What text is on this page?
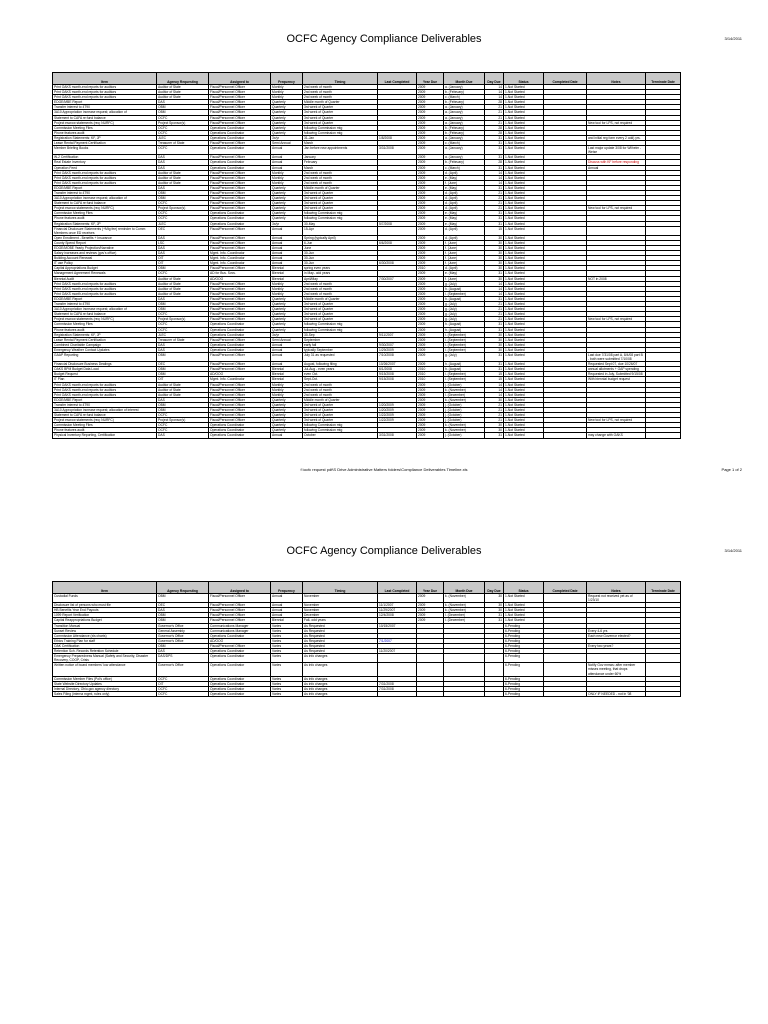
OCFC Agency Compliance Deliverables	3/14/2011
Item	Agency Requesting	Assigned to	Frequency	Timing	Last Completed	Year Due	Month Due	Day Due	Status	Completed Date	Notes	Terminate Date
Print OAKS month-end reports for auditors	Auditor of State	Fiscal/Personnel Officer	Monthly	2nd week of month		2009	a. (January)	14	1-Not Started			
Print OAKS month-end reports for auditors	Auditor of State	Fiscal/Personnel Officer	Monthly	2nd week of month		2009	b. (February)	14	1-Not Started			
Print OAKS month-end reports for auditors	Auditor of State	Fiscal/Personnel Officer	Monthly	2nd week of month		2009	c. (March)	14	1-Not Started			
EDGE/MBE Report	DAS	Fiscal/Personnel Officer	Quarterly	Middle month of Quarter		2009	b. (February)	28	1-Not Started			
Transfer interest to 4T90	OBM	Fiscal/Personnel Officer	Quarterly	3rd week of Quarter		2009	a. (January)	21	1-Not Started			
3A10 Appropriation increase request; allocation of	OBM	Fiscal/Personnel Officer	Quarterly	3rd week of Quarter		2009	a. (January)	21	1-Not Started			
Statement to CAFA re:fund balance	OCFC	Fiscal/Personnel Officer	Quarterly	3rd week of Quarter		2009	a. (January)	21	1-Not Started			
Project escrow statements (req: NURFC)	Project Sponsor(s)	Fiscal/Personnel Officer	Quarterly	3rd week of Quarter		2009	a. (January)	21	1-Not Started		New tool for LPS, not required	
Commission Meeting Files	OCFC	Operations Coordinator	Quarterly	following Commission mtg		2009	b. (February)	28	1-Not Started			
Phone features audit	OCFC	Operations Coordinator	Quarterly	following Commission mtg		2009	b. (February)	28	1-Not Started			
Registration Statements: KF, JP	JLEC	Operations Coordinator	3x/yr	31-Jan	1/8/2008	2009	a. (January)	31	1-Not Started		and initial reg form every 2 odd) yrs.	
Lease Rental Payment Certification	Treasurer of State	Fiscal/Personnel Officer	Semi Annual	March		2009	c. (March)	31	1-Not Started			
Member Briefing Books	OCFC	Operations Coordinator	Annual	Jan before new appointments	3/31/2008	2009	a. (January)	31	1-Not Started		Last major update 3/08 for Wilhelm - Weise	
W-2 Certification	DAS	Fiscal/Personnel Officer	Annual	January		2009	a. (January)	31	1-Not Started			
Real Estate Inventory	DAS	Operations Coordinator	Annual	February		2009	b. (February)	28	1-Not Started		Discuss with KF before responding	
Operation Feed	DAS	Operations Coordinator	Annual	March		2009	c. (March)	31	1-Not Started		Annual	
Print OAKS month-end reports for auditors	Auditor of State	Fiscal/Personnel Officer	Monthly	2nd week of month		2009	d. (April)	14	1-Not Started			
Print OAKS month-end reports for auditors	Auditor of State	Fiscal/Personnel Officer	Monthly	2nd week of month		2009	e. (May)	14	1-Not Started			
Print OAKS month-end reports for auditors	Auditor of State	Fiscal/Personnel Officer	Monthly	2nd week of month		2009	f. (June)	14	1-Not Started			
EDGE/MBE Report	DAS	Fiscal/Personnel Officer	Quarterly	Middle month of Quarter		2009	e. (May)	31	1-Not Started			
Transfer interest to 4T90	OBM	Fiscal/Personnel Officer	Quarterly	3rd week of Quarter		2009	d. (April)	21	1-Not Started			
3A10 Appropriation increase request; allocation of	OBM	Fiscal/Personnel Officer	Quarterly	3rd week of Quarter		2009	d. (April)	21	1-Not Started			
Statement to CAFA re:fund balance	OCFC	Fiscal/Personnel Officer	Quarterly	3rd week of Quarter		2009	d. (April)	21	1-Not Started			
Project escrow statements (req: NURFC)	Project Sponsor(s)	Fiscal/Personnel Officer	Quarterly	3rd week of Quarter		2009	d. (April)	21	1-Not Started		New tool for LPS, not required	
Commission Meeting Files	OCFC	Operations Coordinator	Quarterly	following Commission mtg		2009	e. (May)	31	1-Not Started			
Phone features audit	OCFC	Operations Coordinator	Quarterly	following Commission mtg		2009	e. (May)	31	1-Not Started			
Registration Statements: KF, JP	JLEC	Operations Coordinator	3x/yr	30-May	5/7/2008	2009	e. (May)	31	1-Not Started			
Financial Disclosure Statements (+Mtg fee) reminder to Comm Members once ED receives	OEC	Fiscal/Personnel Officer	Annual	15-Apr		2009	d. (April)	15	1-Not Started			
Open Enrollment - Benefits + Insurance	DAS	Fiscal/Personnel Officer	Annual	Spring (typically April)		2009	d. (April)	30	1-Not Started			
County Spend Report	LSC	Fiscal/Personnel Officer	Annual	6-Jun	6/6/2008	2009	f. (June)	30	1-Not Started			
EDGE/MOBE Yearly Projection/Narrative	DAS	Fiscal/Personnel Officer	Annual	June		2009	f. (June)	30	1-Not Started			
Salary increases and reviews (gov's office)	DAS	Mgmt. Info. Coordinator	Annual	30-Jun		2009	f. (June)	30	1-Not Started			
Building Account Renewal	OIT	Mgmt. Info. Coordinator	Annual	30-Jun		2009	f. (June)	30	1-Not Started			
IT use Policy	OIT	Mgmt. Info. Coordinator	Annual	30-Jun	6/30/2008	2009	f. (June)	30	1-Not Started			
Capital Appropriations Budget	OBM	Fiscal/Personnel Officer	Biennial	spring even years		2010	d. (April)	30	1-Not Started			
Management Agreement Renewals	OCFC	AD for Bus. Svcs.	Biennial	in May- odd years		2009	e. (May)	31	1-Not Started			
Biennial Audit	Auditor of State	AD/OOO	Biennial	April/May	7/30/2007	2009	f. (June)	30	1-Not Started		NOT in 2008	
Print OAKS month-end reports for auditors	Auditor of State	Fiscal/Personnel Officer	Monthly	2nd week of month		2009	g. (July)	14	1-Not Started			
Print OAKS month-end reports for auditors	Auditor of State	Fiscal/Personnel Officer	Monthly	2nd week of month		2009	h. (August)	14	1-Not Started			
Print OAKS month-end reports for auditors	Auditor of State	Fiscal/Personnel Officer	Monthly	2nd week of month		2009	i. (September)	14	1-Not Started			
EDGE/MBE Report	DAS	Fiscal/Personnel Officer	Quarterly	Middle month of Quarter		2009	h. (August)	31	1-Not Started			
Transfer interest to 4T90	OBM	Fiscal/Personnel Officer	Quarterly	3rd week of Quarter		2009	g. (July)	21	1-Not Started			
3A10 Appropriation increase request; allocation of	OBM	Fiscal/Personnel Officer	Quarterly	3rd week of Quarter		2009	g. (July)	21	1-Not Started			
Statement to CAFA re:fund balance	OCFC	Fiscal/Personnel Officer	Quarterly	3rd week of Quarter		2009	g. (July)	21	1-Not Started			
Project escrow statements (req: NURFC)	Project Sponsor(s)	Fiscal/Personnel Officer	Quarterly	3rd week of Quarter		2009	g. (July)	21	1-Not Started		New tool for LPS, not required	
Commission Meeting Files	OCFC	Operations Coordinator	Quarterly	following Commission mtg		2009	h. (August)	31	1-Not Started			
Phone features audit	OCFC	Operations Coordinator	Quarterly	following Commission mtg		2009	h. (August)	31	1-Not Started			
Registration Statements: KF, JP	JLEC	Operations Coordinator	3x/yr	30-Sep	9/11/2007	2009	i. (September)	30	1-Not Started			
Lease Rental Payment Certification	Treasurer of State	Fiscal/Personnel Officer	Semi Annual	September		2009	i. (September)	30	1-Not Started			
Combined Charitable Campaign	DAS	Operations Coordinator	Annual	early fall	9/30/2007	2009	i. (September)	30	1-Not Started			
Emergency Weather Contact Updates	DAS	Operations Coordinator	Annual	typically September	1/29/2009	2009	i. (September)	30	1-Not Started			
GAAP Reporting	OBM	Fiscal/Personnel Officer	Annual	July 31 as requested	7/10/2008	2009	g. (July)	31	1-Not Started		Last due 7/31/08 part A, 8/4/08 part B - both were submitted 7/10/08	
Financial Disclosure Business Dealings	OEC	Fiscal/Personnel Officer	Annual	August, following filing	10/26/2007	2009	h. (August)	31	1-Not Started		Requested Sept 07, due 10/26/07	
OAKS BPM Budget Data Load	OBM	Fiscal/Personnel Officer	Biennial	Jul-Aug - even years	6/1/2008	2010	h. (August)	31	1-Not Started		annual allotments + GAP spending	
Budget Request	OBM	AD/OOO	Biennial	even Oct.	9/15/2008	2010	i. (September)	15	1-Not Started		Requested in July, Submitted 9/15/08	
IT Plan	OIT	Mgmt. Info. Coordinator	Biennial	Sept-Oct.	9/15/2008	2010	i. (September)	15	1-Not Started		With biennial budget request	
Print OAKS month-end reports for auditors	Auditor of State	Fiscal/Personnel Officer	Monthly	2nd week of month		2009	j. (October)	14	1-Not Started			
Print OAKS month-end reports for auditors	Auditor of State	Fiscal/Personnel Officer	Monthly	2nd week of month		2009	k. (November)	14	1-Not Started			
Print OAKS month-end reports for auditors	Auditor of State	Fiscal/Personnel Officer	Monthly	2nd week of month		2009	l. (December)	14	1-Not Started			
EDGE/MBE Report	DAS	Fiscal/Personnel Officer	Quarterly	Middle month of Quarter		2009	k. (November)	30	1-Not Started			
Transfer interest to 4T90	OBM	Fiscal/Personnel Officer	Quarterly	3rd week of Quarter	1/20/2009	2009	j. (October)	21	1-Not Started			
3A10 Appropriation increase request; allocation of interest	OBM	Fiscal/Personnel Officer	Quarterly	3rd week of Quarter	1/20/2009	2009	j. (October)	21	1-Not Started			
Statement to CAFA re:fund balance	OCFC	Fiscal/Personnel Officer	Quarterly	3rd week of Quarter	1/22/2009	2009	j. (October)	21	1-Not Started			
Project escrow statements (req: NURFC)	Project Sponsor(s)	Fiscal/Personnel Officer	Quarterly	3rd week of Quarter	1/22/2009	2009	j. (October)	21	1-Not Started		New tool for LPS, not required	
Commission Meeting Files	OCFC	Operations Coordinator	Quarterly	following Commission mtg		2009	k. (November)	30	1-Not Started			
Phone features audit	OCFC	Operations Coordinator	Quarterly	following Commission mtg		2009	k. (November)	30	1-Not Started			
Physical Inventory Reporting, Certification	DAS	Operations Coordinator	Annual	October	3/31/2008	2009	j. (October)	31	1-Not Started		may change with OAKS	
f:\ocfc request pdf\S Drive Administrative Matters folders\Compliance Deliverables Timeline.xls	Page 1 of 2
OCFC Agency Compliance Deliverables	3/14/2011
Item	Agency Requesting	Assigned to	Frequency	Timing	Last Completed	Year Due	Month Due	Day Due	Status	Completed Date	Notes	Terminate Date
Custodial Funds	OBM	Fiscal/Personnel Officer	Annual	November		2009	k. (November)	30	1-Not Started		Request not received yet as of 1/23/10	
Disclosure list of persons who must file	OEC	Fiscal/Personnel Officer	Annual	November	11/1/2007	2009	k. (November)	30	1-Not Started			
HB Benefits Year End Payouts	DAS	Fiscal/Personnel Officer	Annual	November	11/29/2007	2009	k. (November)	30	1-Not Started			
1099 Report Verification	OBM	Fiscal/Personnel Officer	Annual	December	12/4/2008	2009	l. (December)	31	1-Not Started			
Capital Reappropriations Budget	OBM	Fiscal/Personnel Officer	Biennial	Fall- odd years		2009	l. (December)	31	1-Not Started			
Transition Manual	Governor's Office	Communications Manager	Varies	As Requested	10/15/2007				6-Pending			
Sunset Review	General Assembly	Communications Manager	Varies	As Requested					6-Pending		Every 4-6 yrs	
Commission Attendance (xls charts)	Governor's Office	Operations Coordinator	Varies	As Requested					6-Pending		Each new Governor elected?	
Ethics Training Plan for staff	Governor's Office	AD/OOO	Varies	As Requested	7/1/2007				6-Pending			
OAK Certification	OBM	Fiscal/Personnel Officer	Varies	As Requested					6-Pending		Every two years?	
Retention Sch. Records Retention Schedule	DAS	Operations Coordinator	Varies	As Requested	11/20/2007				6-Pending			
Emergency Preparedness Manual (Safety and Security, Disaster Recovery, COOP, Crisis	DAS/DPS	Operations Coordinator	Varies	As info changes					6-Pending			
Written notice of board members' low attendance	Governor's Office	Operations Coordinator	Varies	As info changes					6-Pending		Notify Gov mmws: after member misses meeting, that drops attendance under 60%	
Commission Member Files (Pol's office)	OCFC	Operations Coordinator	Varies	As info changes					6-Pending			
State Website Directory Updates	OIT	Operations Coordinator	Varies	As info changes	7/31/2008				6-Pending			
Internal Directory, Ohio.gov agency directory	OCFC	Operations Coordinator	Varies	As info changes	7/31/2008				6-Pending			
Sales Filing (interna mgmt, rules only)	OCFC	Operations Coordinator	Varies	As info changes					6-Pending		ONLY IF NEEDED - not in '08	
